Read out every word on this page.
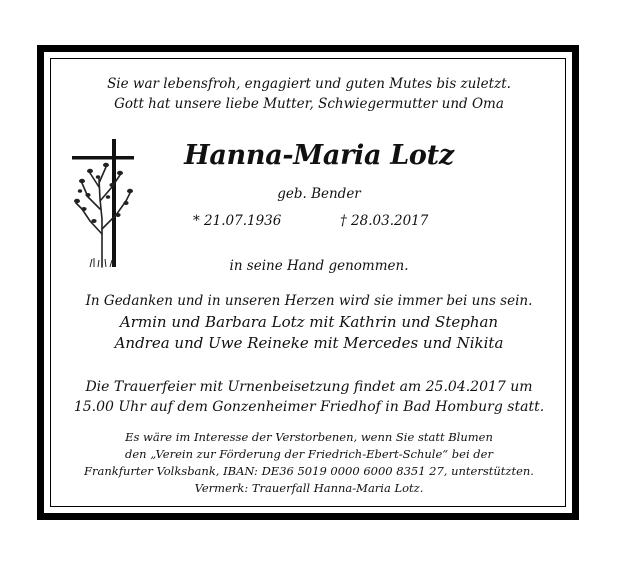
Sie war lebensfroh, engagiert und guten Mutes bis zuletzt.
Gott hat unsere liebe Mutter, Schwiegermutter und Oma
Hanna-Maria Lotz
geb. Bender
* 21.07.1936	† 28.03.2017
in seine Hand genommen.
In Gedanken und in unseren Herzen wird sie immer bei uns sein.
Armin und Barbara Lotz mit Kathrin und Stephan
Andrea und Uwe Reineke mit Mercedes und Nikita
Die Trauerfeier mit Urnenbeisetzung findet am 25.04.2017 um
15.00 Uhr auf dem Gonzenheimer Friedhof in Bad Homburg statt.
Es wäre im Interesse der Verstorbenen, wenn Sie statt Blumen
den „Verein zur Förderung der Friedrich-Ebert-Schule“ bei der
Frankfurter Volksbank, IBAN: DE36 5019 0000 6000 8351 27, unterstützten.
Vermerk: Trauerfall Hanna-Maria Lotz.
